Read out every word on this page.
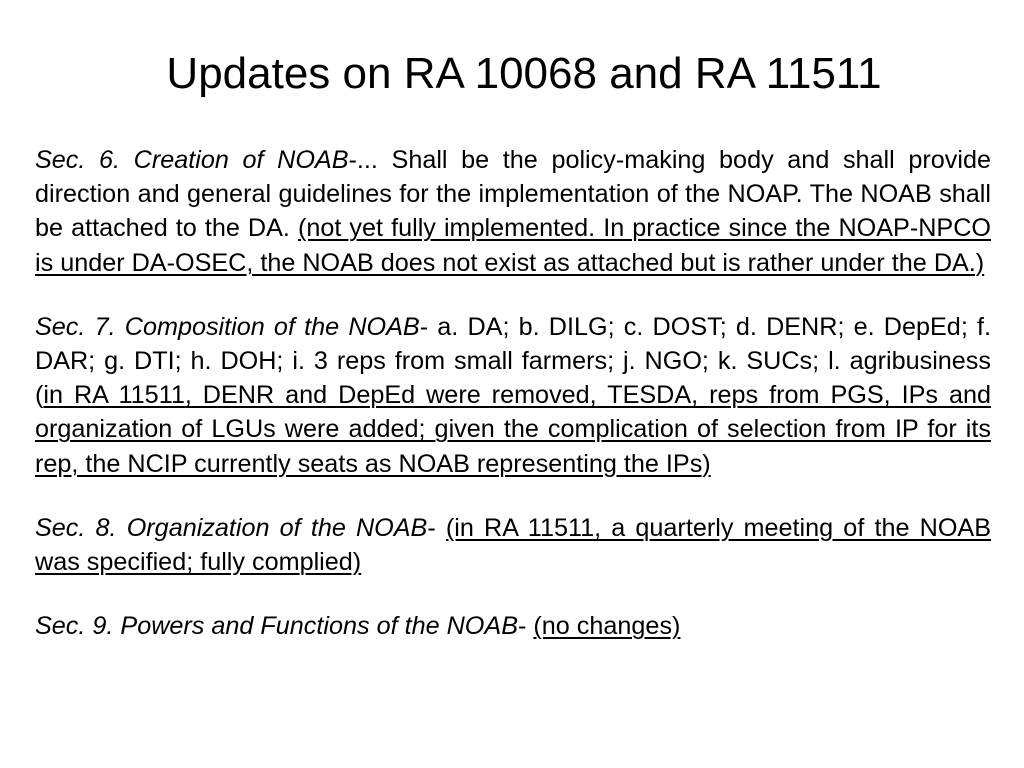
Updates on RA 10068 and RA 11511

Sec. 6. Creation of NOAB-... Shall be the policy-making body and shall provide direction and general guidelines for the implementation of the NOAP. The NOAB shall be attached to the DA. (not yet fully implemented. In practice since the NOAP-NPCO is under DA-OSEC, the NOAB does not exist as attached but is rather under the DA.)

Sec. 7. Composition of the NOAB- a. DA; b. DILG; c. DOST; d. DENR; e. DepEd; f. DAR; g. DTI; h. DOH; i. 3 reps from small farmers; j. NGO; k. SUCs; l. agribusiness (in RA 11511, DENR and DepEd were removed, TESDA, reps from PGS, IPs and organization of LGUs were added; given the complication of selection from IP for its rep, the NCIP currently seats as NOAB representing the IPs)

Sec. 8. Organization of the NOAB- (in RA 11511, a quarterly meeting of the NOAB was specified; fully complied)

Sec. 9. Powers and Functions of the NOAB- (no changes)
